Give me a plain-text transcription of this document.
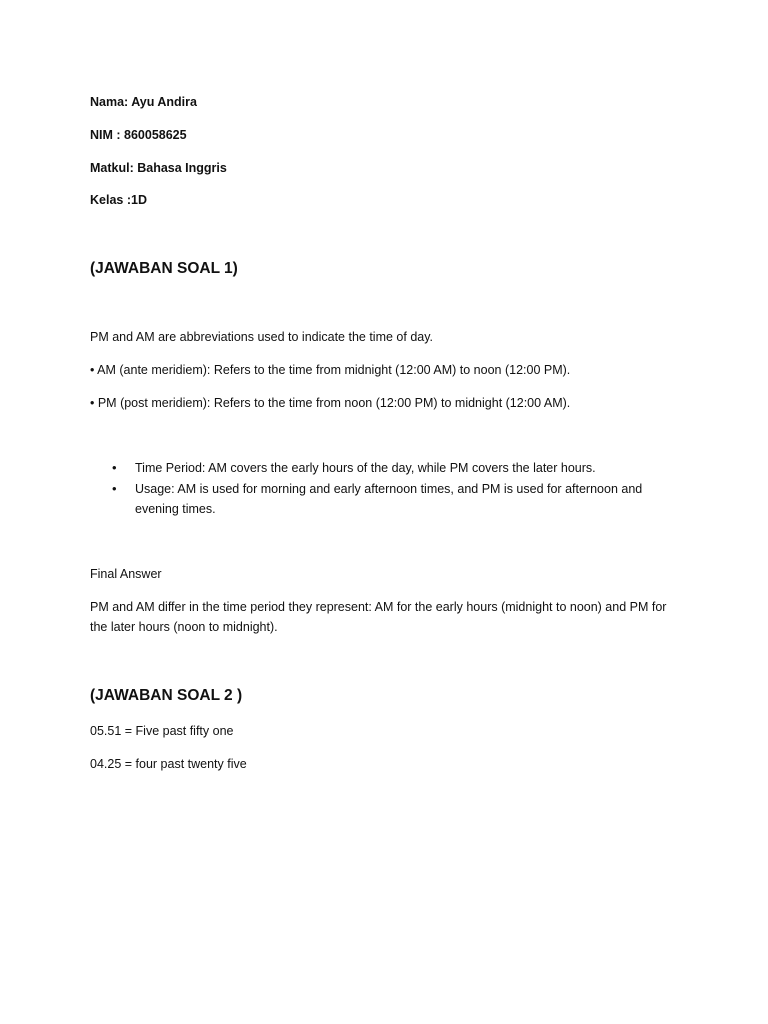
Nama: Ayu Andira
NIM : 860058625
Matkul: Bahasa Inggris
Kelas :1D
(JAWABAN SOAL 1)
PM and AM are abbreviations used to indicate the time of day.
• AM (ante meridiem): Refers to the time from midnight (12:00 AM) to noon (12:00 PM).
• PM (post meridiem): Refers to the time from noon (12:00 PM) to midnight (12:00 AM).
• Time Period: AM covers the early hours of the day, while PM covers the later hours.
• Usage: AM is used for morning and early afternoon times, and PM is used for afternoon and evening times.
Final Answer
PM and AM differ in the time period they represent: AM for the early hours (midnight to noon) and PM for the later hours (noon to midnight).
(JAWABAN SOAL 2 )
05.51 = Five past fifty one
04.25 = four past twenty five
